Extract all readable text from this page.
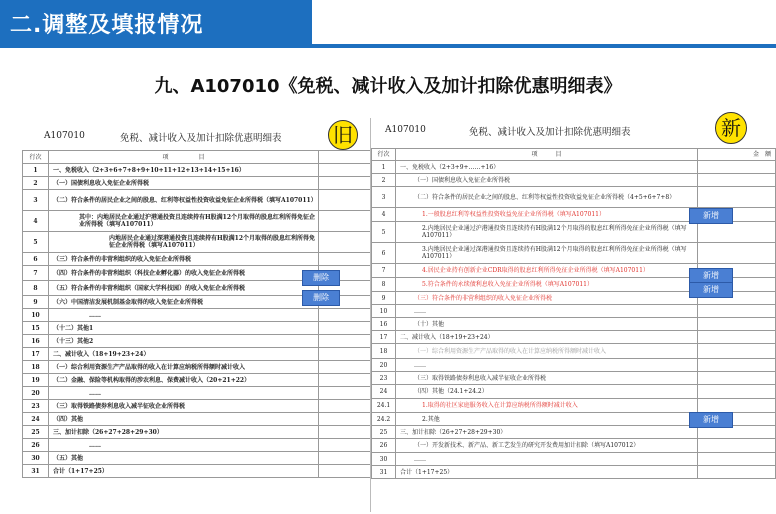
二.调整及填报情况
九、A107010《免税、减计收入及加计扣除优惠明细表》
A107010	免税、减计收入及加计扣除优惠明细表	旧
行次	项　　　　　目	
1	一、免税收入（2+3+6+7+8+9+10+11+12+13+14+15+16）	
2	（一）国债利息收入免征企业所得税	
3	（二）符合条件的居民企业之间的股息、红利等权益性投资收益免征企业所得税（填写A107011）	
4	其中：内地居民企业通过沪港通投资且连续持有H股满12个月取得的股息红利所得免征企业所得税（填写A107011）	
5	内地居民企业通过深港通投资且连续持有H股满12个月取得的股息红利所得免征企业所得税（填写A107011）	
6	（三）符合条件的非营利组织的收入免征企业所得税	
7	（四）符合条件的非营利组织（科技企业孵化器）的收入免征企业所得税	
8	（五）符合条件的非营利组织（国家大学科技园）的收入免征企业所得税	
9	（六）中国清洁发展机制基金取得的收入免征企业所得税	
10	……	
15	（十二）其他1	
16	（十三）其他2	
17	二、减计收入（18+19+23+24）	
18	（一）综合利用资源生产产品取得的收入在计算应纳税所得额时减计收入	
19	（二）金融、保险等机构取得的涉农利息、保费减计收入（20+21+22）	
20	……	
23	（三）取得铁路债券利息收入减半征收企业所得税	
24	（四）其他	
25	三、加计扣除（26+27+28+29+30）	
26	……	
30	（五）其他	
31	合计（1+17+25）	
删除
删除
A107010	免税、减计收入及加计扣除优惠明细表	新
行次	项　　　目	金　额
1	一、免税收入（2+3+9+……+16）	
2	（一）国债利息收入免征企业所得税	
3	（二）符合条件的居民企业之间的股息、红利等权益性投资收益免征企业所得税（4+5+6+7+8）	
4	1.一般股息红利等权益性投资收益免征企业所得税（填写A107011）	
5	2.内地居民企业通过沪港通投资且连续持有H股满12个月取得的股息红利所得免征企业所得税（填写A107011）	
6	3.内地居民企业通过深港通投资且连续持有H股满12个月取得的股息红利所得免征企业所得税（填写A107011）	
7	4.居民企业持有创新企业CDR取得的股息红利所得免征企业所得税（填写A107011）	
8	5.符合条件的永续债利息收入免征企业所得税（填写A107011）	
9	（三）符合条件的非营利组织的收入免征企业所得税	
10	……	
16	（十）其他	
17	二、减计收入（18+19+23+24）	
18	（一）综合利用资源生产产品取得的收入在计算应纳税所得额时减计收入	
20	……	
23	（三）取得铁路债券利息收入减半征收企业所得税	
24	（四）其他（24.1+24.2）	
24.1	1.取得的社区家庭服务收入在计算应纳税所得额时减计收入	
24.2	2.其他	
25	三、加计扣除（26+27+28+29+30）	
26	（一）开发新技术、新产品、新工艺发生的研究开发费用加计扣除（填写A107012）	
30	……	
31	合计（1+17+25）	
新增
新增
新增
新增
